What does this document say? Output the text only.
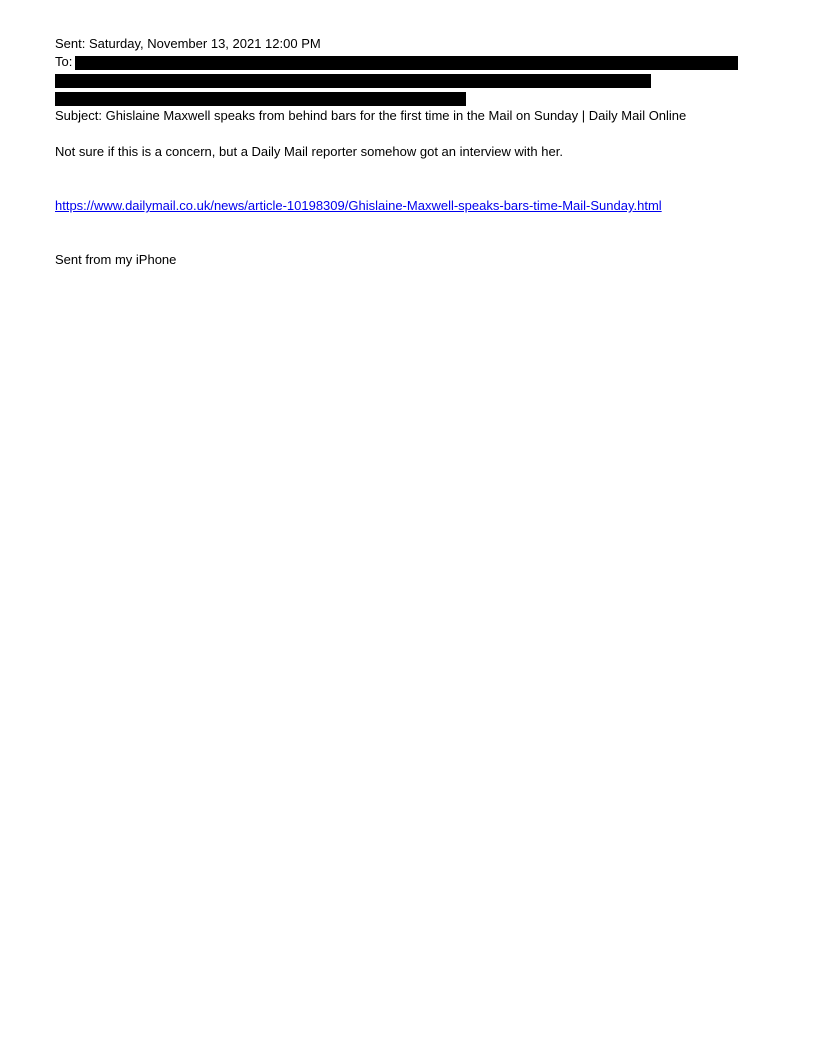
Sent: Saturday, November 13, 2021 12:00 PM
To:
Subject: Ghislaine Maxwell speaks from behind bars for the first time in the Mail on Sunday | Daily Mail Online
Not sure if this is a concern, but a Daily Mail reporter somehow got an interview with her.
https://www.dailymail.co.uk/news/article-10198309/Ghislaine-Maxwell-speaks-bars-time-Mail-Sunday.html
Sent from my iPhone
